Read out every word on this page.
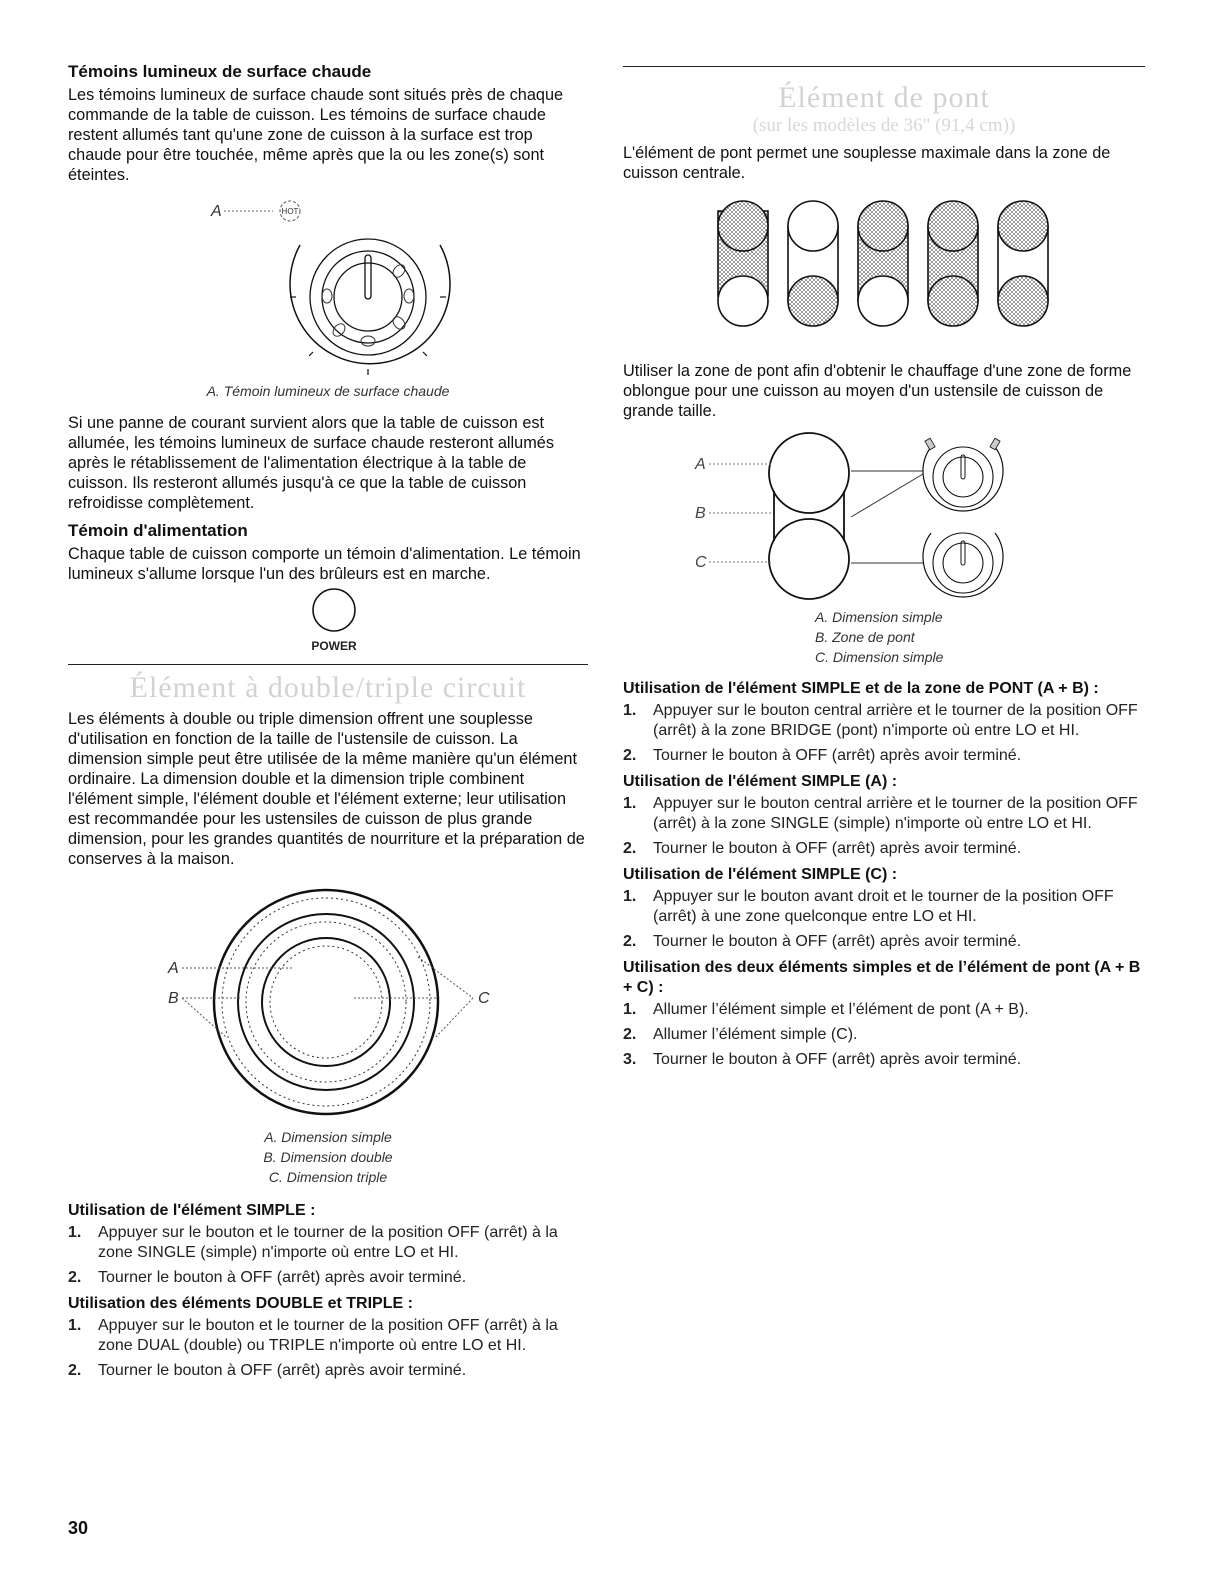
Témoins lumineux de surface chaude

Les témoins lumineux de surface chaude sont situés près de chaque commande de la table de cuisson. Les témoins de surface chaude restent allumés tant qu'une zone de cuisson à la surface est trop chaude pour être touchée, même après que la ou les zone(s) sont éteintes.

A	HOT
A. Témoin lumineux de surface chaude

Si une panne de courant survient alors que la table de cuisson est allumée, les témoins lumineux de surface chaude resteront allumés après le rétablissement de l'alimentation électrique à la table de cuisson. Ils resteront allumés jusqu'à ce que la table de cuisson refroidisse complètement.

Témoin d'alimentation

Chaque table de cuisson comporte un témoin d'alimentation. Le témoin lumineux s'allume lorsque l'un des brûleurs est en marche.

POWER
Élément à double/triple circuit

Les éléments à double ou triple dimension offrent une souplesse d'utilisation en fonction de la taille de l'ustensile de cuisson. La dimension simple peut être utilisée de la même manière qu'un élément ordinaire. La dimension double et la dimension triple combinent l'élément simple, l'élément double et l'élément externe; leur utilisation est recommandée pour les ustensiles de cuisson de plus grande dimension, pour les grandes quantités de nourriture et la préparation de conserves à la maison.

A
B	C
A. Dimension simple
B. Dimension double
C. Dimension triple
Utilisation de l'élément SIMPLE :
1. Appuyer sur le bouton et le tourner de la position OFF (arrêt) à la zone SINGLE (simple) n'importe où entre LO et HI.
2. Tourner le bouton à OFF (arrêt) après avoir terminé.
Utilisation des éléments DOUBLE et TRIPLE :
1. Appuyer sur le bouton et le tourner de la position OFF (arrêt) à la zone DUAL (double) ou TRIPLE n'importe où entre LO et HI.
2. Tourner le bouton à OFF (arrêt) après avoir terminé.
Élément de pont
(sur les modèles de 36" (91,4 cm))

L'élément de pont permet une souplesse maximale dans la zone de cuisson centrale.

Utiliser la zone de pont afin d'obtenir le chauffage d'une zone de forme oblongue pour une cuisson au moyen d'un ustensile de cuisson de grande taille.

A
B
C
A. Dimension simple
B. Zone de pont
C. Dimension simple
Utilisation de l'élément SIMPLE et de la zone de PONT (A + B) :
1. Appuyer sur le bouton central arrière et le tourner de la position OFF (arrêt) à la zone BRIDGE (pont) n'importe où entre LO et HI.
2. Tourner le bouton à OFF (arrêt) après avoir terminé.
Utilisation de l'élément SIMPLE (A) :
1. Appuyer sur le bouton central arrière et le tourner de la position OFF (arrêt) à la zone SINGLE (simple) n'importe où entre LO et HI.
2. Tourner le bouton à OFF (arrêt) après avoir terminé.
Utilisation de l'élément SIMPLE (C) :
1. Appuyer sur le bouton avant droit et le tourner de la position OFF (arrêt) à une zone quelconque entre LO et HI.
2. Tourner le bouton à OFF (arrêt) après avoir terminé.
Utilisation des deux éléments simples et de l’élément de pont (A + B + C) :
1. Allumer l’élément simple et l’élément de pont (A + B).
2. Allumer l’élément simple (C).
3. Tourner le bouton à OFF (arrêt) après avoir terminé.
30
